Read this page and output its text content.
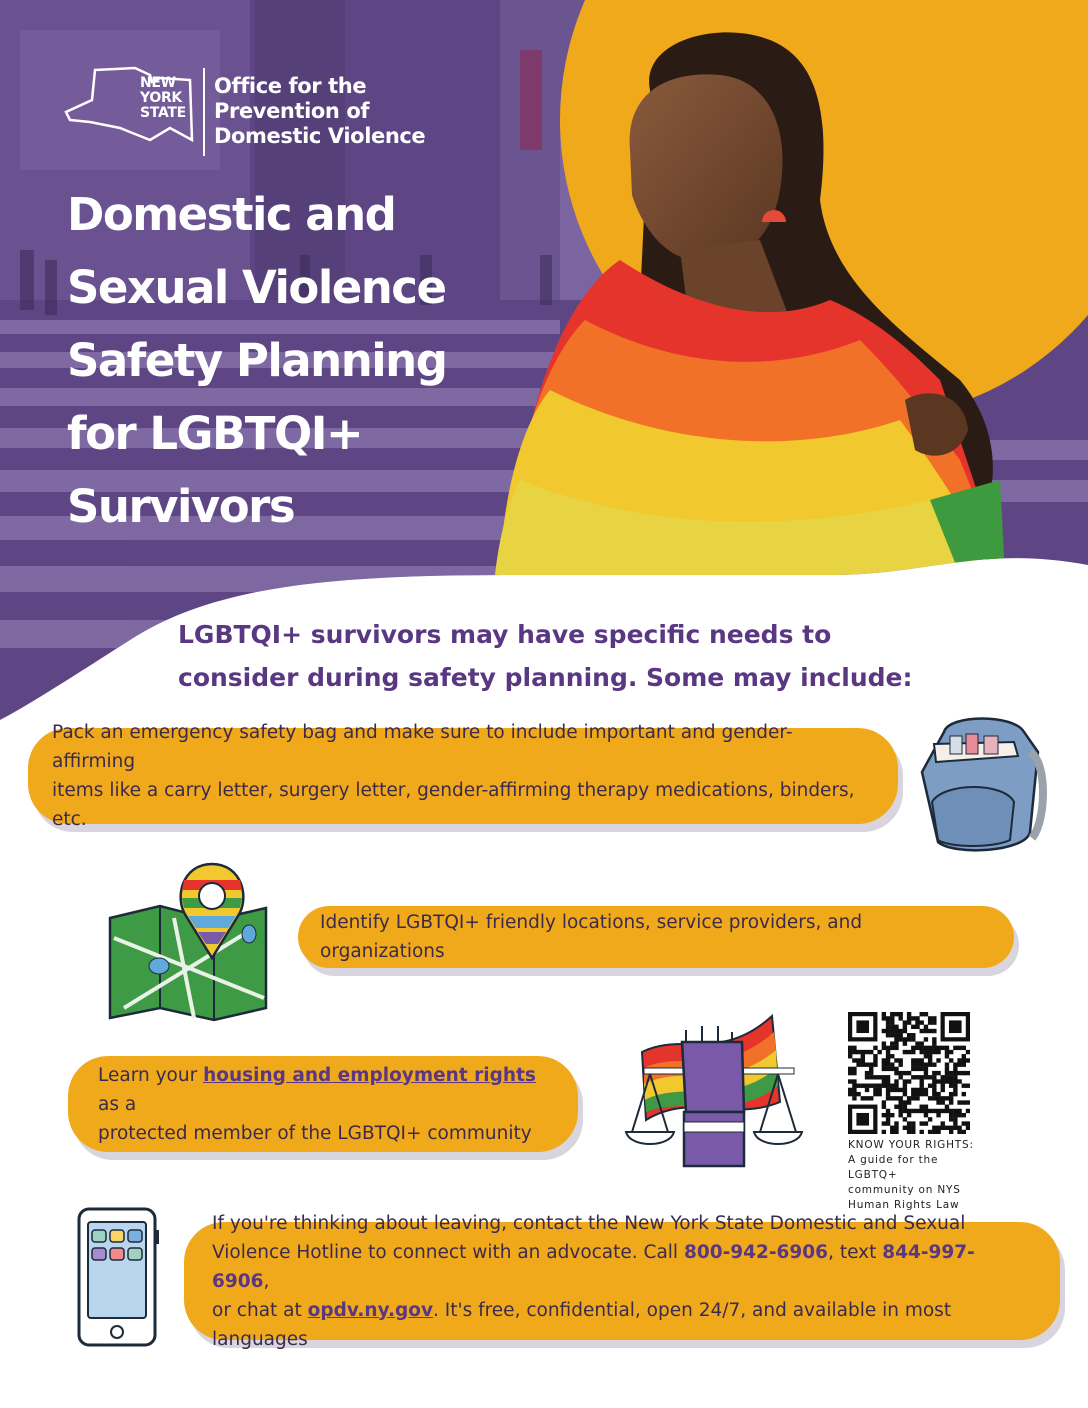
NEW
YORK
STATE
Office for the
Prevention of
Domestic Violence
Domestic and
Sexual Violence
Safety Planning
for LGBTQI+
Survivors
LGBTQI+ survivors may have specific needs to
consider during safety planning. Some may include:
Pack an emergency safety bag and make sure to include important and gender-affirming
items like a carry letter, surgery letter, gender-affirming therapy medications, binders, etc.
Identify LGBTQI+ friendly locations, service providers, and organizations
Learn your housing and employment rights as a
protected member of the LGBTQI+ community
KNOW YOUR RIGHTS:
A guide for the LGBTQ+
community on NYS
Human Rights Law
If you're thinking about leaving, contact the New York State Domestic and Sexual
Violence Hotline to connect with an advocate. Call 800-942-6906, text 844-997-6906,
or chat at opdv.ny.gov. It's free, confidential, open 24/7, and available in most languages
